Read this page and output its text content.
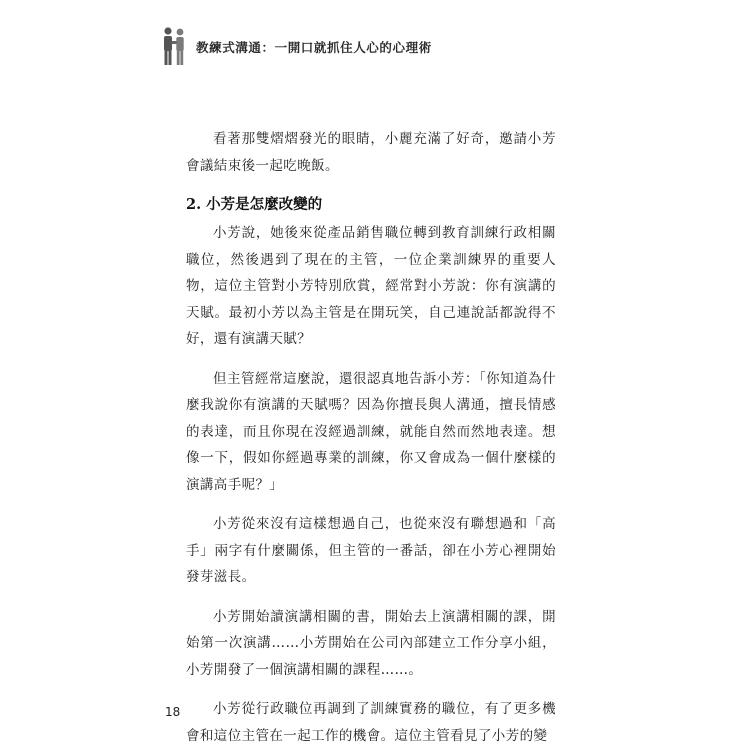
教練式溝通：一開口就抓住人心的心理術

看著那雙熠熠發光的眼睛，小麗充滿了好奇，邀請小芳會議結束後一起吃晚飯。

2. 小芳是怎麼改變的

小芳說，她後來從產品銷售職位轉到教育訓練行政相關職位，然後遇到了現在的主管，一位企業訓練界的重要人物，這位主管對小芳特別欣賞，經常對小芳說：你有演講的天賦。最初小芳以為主管是在開玩笑，自己連說話都說得不好，還有演講天賦？

但主管經常這麼說，還很認真地告訴小芳：「你知道為什麼我說你有演講的天賦嗎？因為你擅長與人溝通，擅長情感的表達，而且你現在沒經過訓練，就能自然而然地表達。想像一下，假如你經過專業的訓練，你又會成為一個什麼樣的演講高手呢？」

小芳從來沒有這樣想過自己，也從來沒有聯想過和「高手」兩字有什麼關係，但主管的一番話，卻在小芳心裡開始發芽滋長。

小芳開始讀演講相關的書，開始去上演講相關的課，開始第一次演講……小芳開始在公司內部建立工作分享小組，小芳開發了一個演講相關的課程……。

小芳從行政職位再調到了訓練實務的職位，有了更多機會和這位主管在一起工作的機會。這位主管看見了小芳的變

18
